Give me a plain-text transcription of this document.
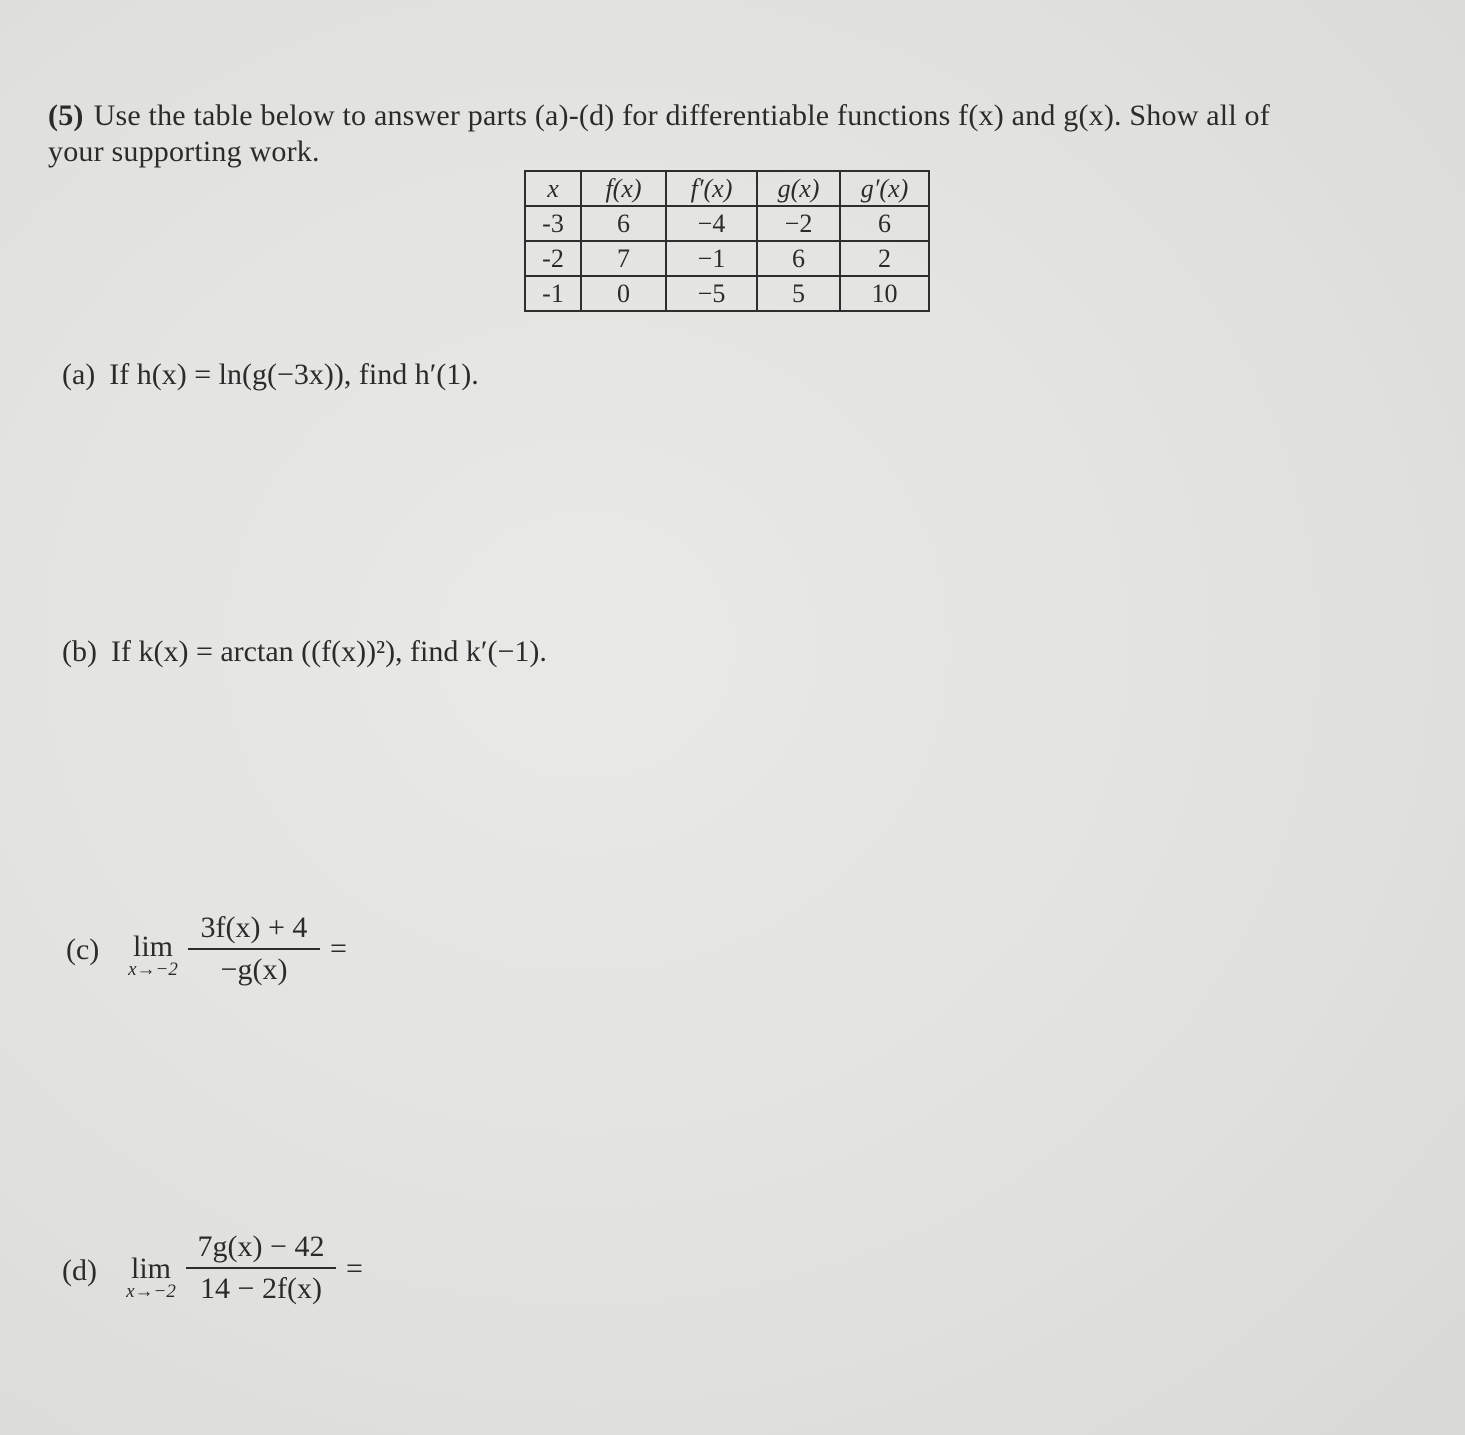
(5) Use the table below to answer parts (a)-(d) for differentiable functions f(x) and g(x). Show all of
your supporting work.
x	f(x)	f′(x)	g(x)	g′(x)
-3	6	−4	−2	6
-2	7	−1	6	2
-1	0	−5	5	10
(a) If h(x) = ln(g(−3x)), find h′(1).
(b) If k(x) = arctan ((f(x))²), find k′(−1).
(c)	lim
x→−2
3f(x) + 4
−g(x)
=
(d)	lim
x→−2
7g(x) − 42
14 − 2f(x)
=
